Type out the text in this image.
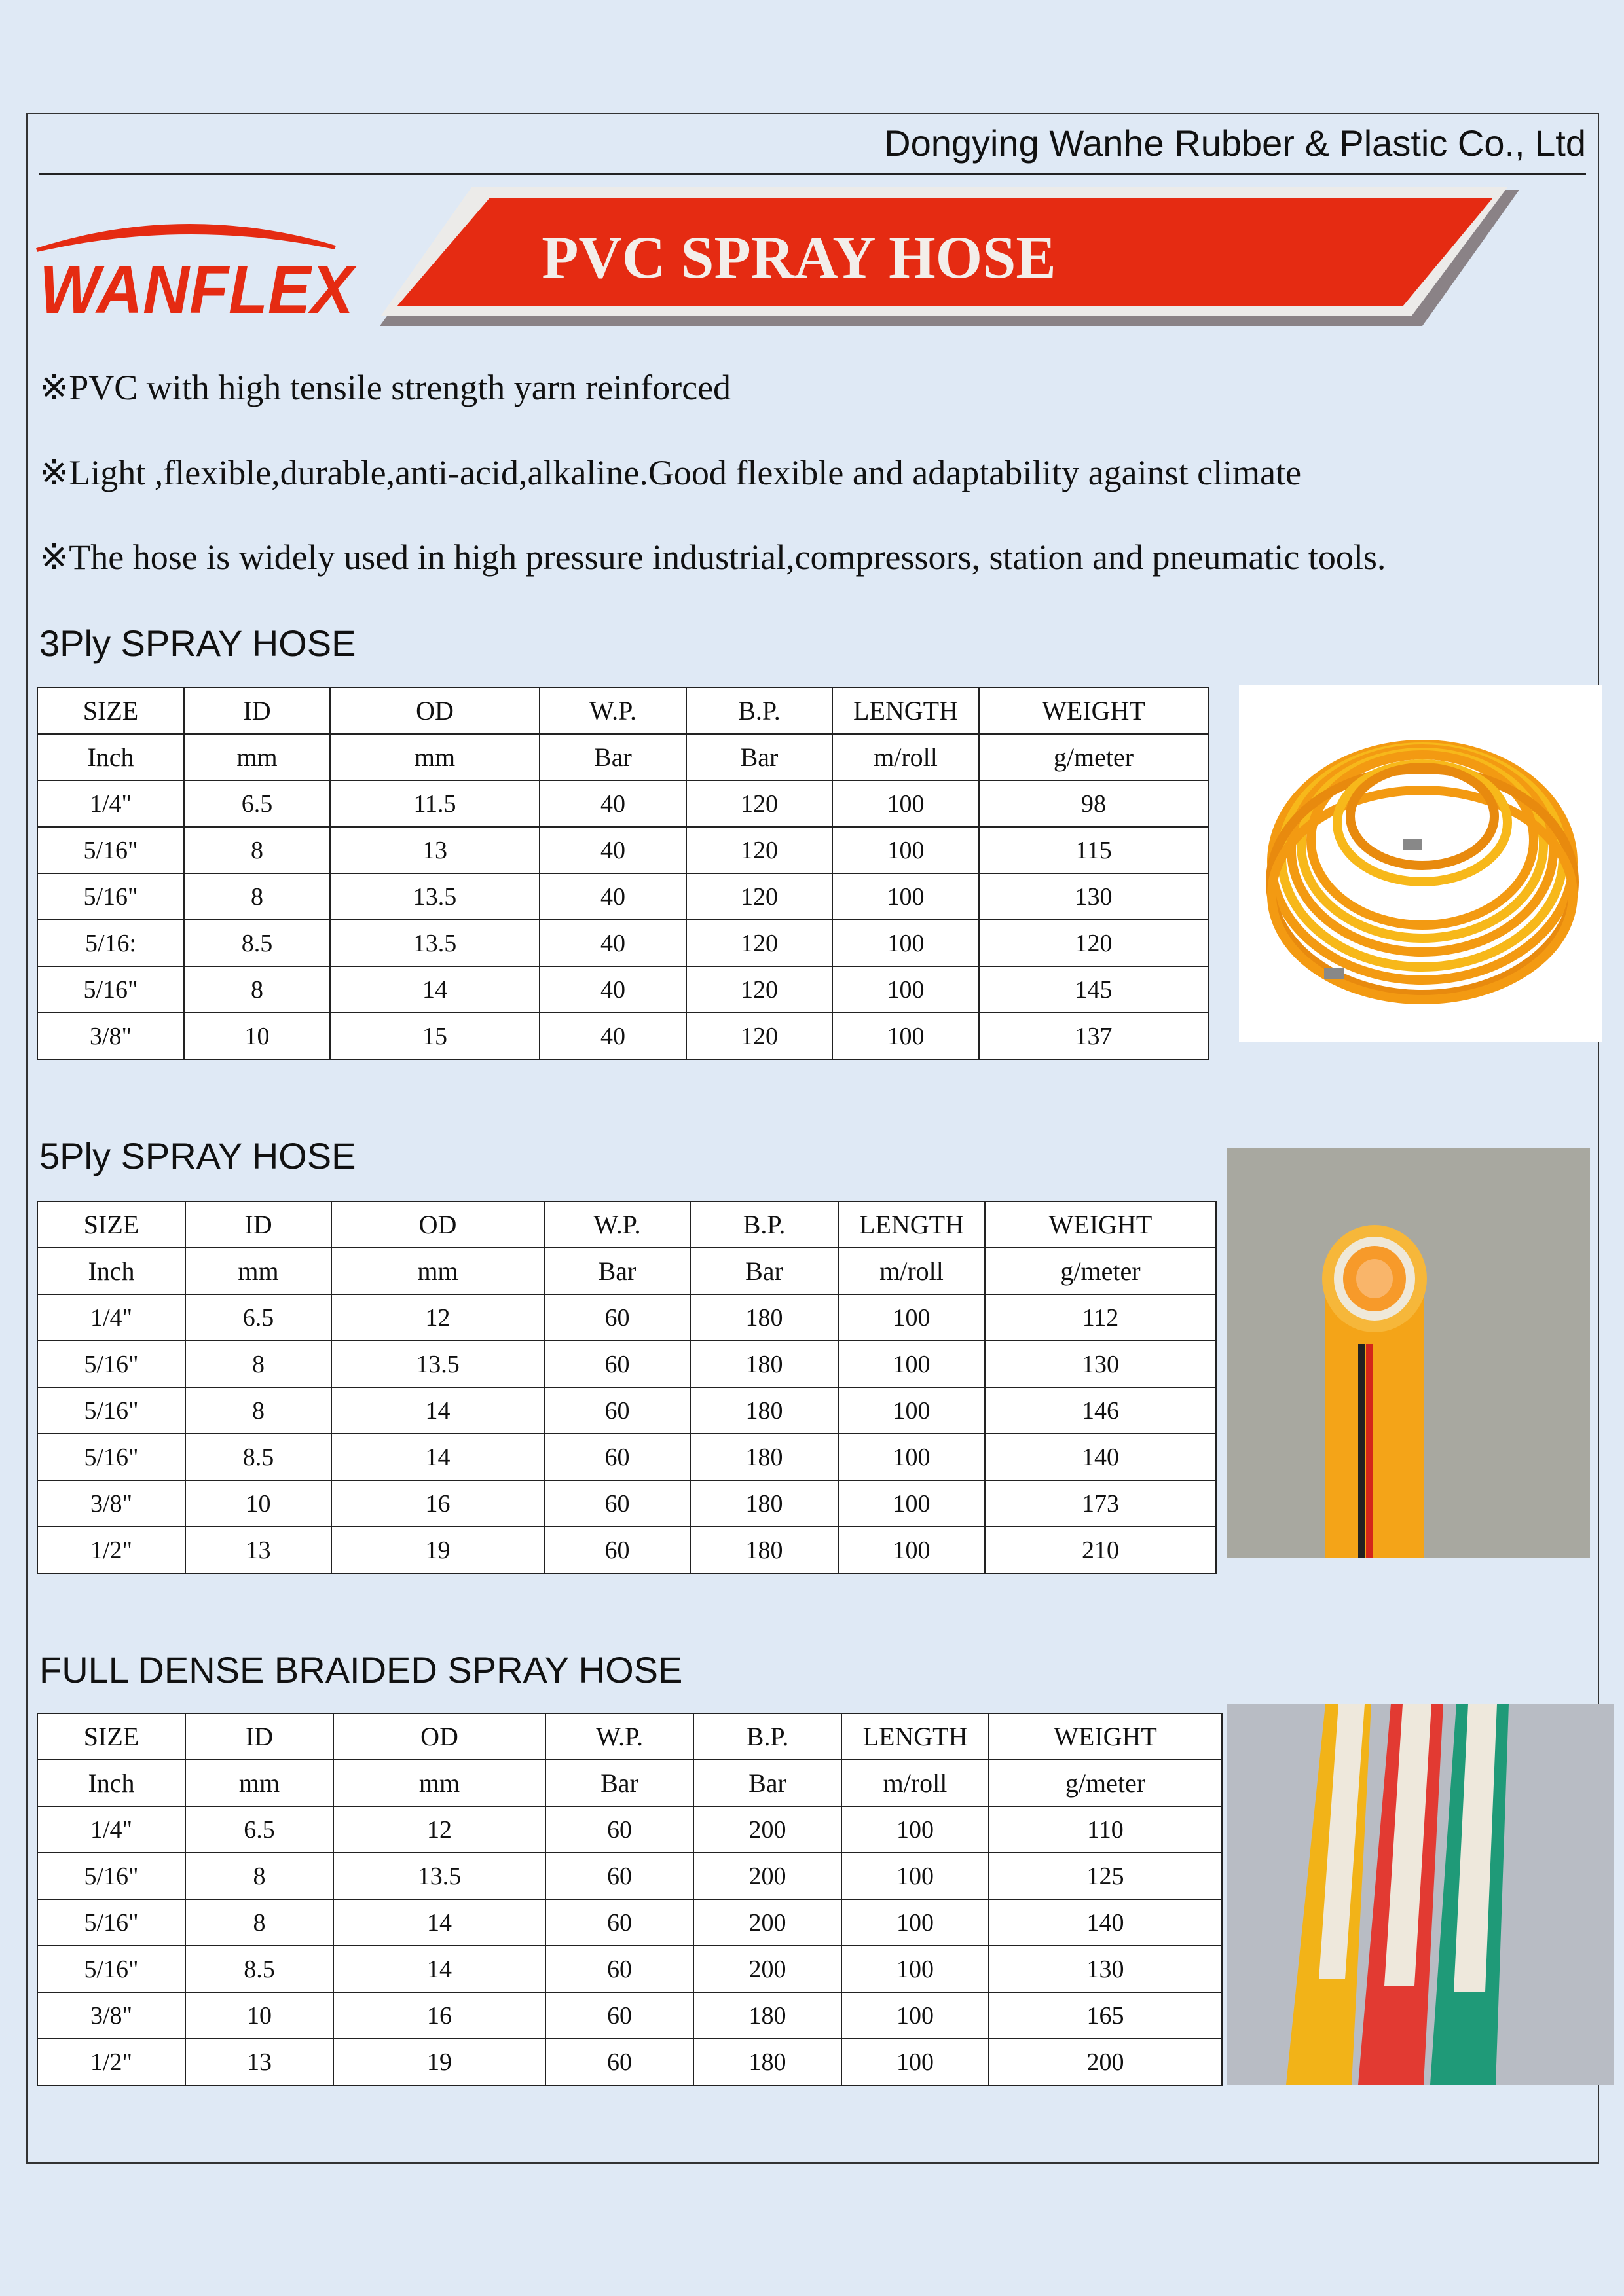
Dongying Wanhe Rubber & Plastic Co., Ltd
WANFLEX	PVC SPRAY HOSE
※PVC with high tensile strength yarn reinforced
※Light ,flexible,durable,anti-acid,alkaline.Good flexible and adaptability against climate
※The hose is widely used in high pressure industrial,compressors, station and pneumatic tools.
3Ply SPRAY HOSE
SIZE	ID	OD	W.P.	B.P.	LENGTH	WEIGHT
Inch	mm	mm	Bar	Bar	m/roll	g/meter
1/4"	6.5	11.5	40	120	100	98
5/16"	8	13	40	120	100	115
5/16"	8	13.5	40	120	100	130
5/16:	8.5	13.5	40	120	100	120
5/16"	8	14	40	120	100	145
3/8"	10	15	40	120	100	137
5Ply SPRAY HOSE
SIZE	ID	OD	W.P.	B.P.	LENGTH	WEIGHT
Inch	mm	mm	Bar	Bar	m/roll	g/meter
1/4"	6.5	12	60	180	100	112
5/16"	8	13.5	60	180	100	130
5/16"	8	14	60	180	100	146
5/16"	8.5	14	60	180	100	140
3/8"	10	16	60	180	100	173
1/2"	13	19	60	180	100	210
FULL DENSE BRAIDED SPRAY HOSE
SIZE	ID	OD	W.P.	B.P.	LENGTH	WEIGHT
Inch	mm	mm	Bar	Bar	m/roll	g/meter
1/4"	6.5	12	60	200	100	110
5/16"	8	13.5	60	200	100	125
5/16"	8	14	60	200	100	140
5/16"	8.5	14	60	200	100	130
3/8"	10	16	60	180	100	165
1/2"	13	19	60	180	100	200
